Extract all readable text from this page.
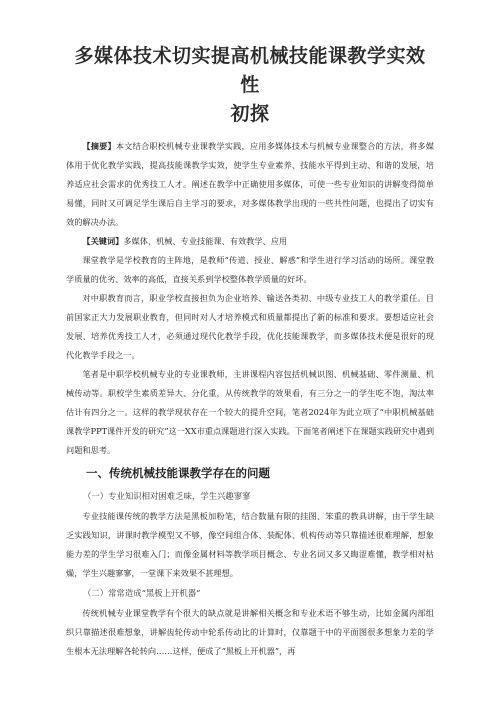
多媒体技术切实提高机械技能课教学实效性
初探

【摘要】本文结合职校机械专业课教学实践，应用多媒体技术与机械专业课整合的方法，将多媒体用于优化教学实践，提高技能课教学实效，使学生专业素养、技能水平得到主动、和谐的发展，培养适应社会需求的优秀技工人才。阐述在教学中正确使用多媒体，可使一些专业知识的讲解变得简单易懂，同时又可调足学生课后自主学习的要求，对多媒体教学出现的一些共性问题，也提出了切实有效的解决办法。

【关键词】多媒体、机械、专业技能课、有效教学、应用

课堂教学是学校教育的主阵地，是教师“传道、授业、解惑”和学生进行学习活动的场所。课堂教学质量的优劣、效率的高低，直接关系到学校整体教学质量的好坏。

对中职教育而言，职业学校直接担负为企业培养、输送各类初、中级专业技工人的教学重任。目前国家正大力发展职业教育，但同时对人才培养模式和质量都提出了新的标准和要求。要想适应社会发展、培养优秀技工人才，必须通过现代化教学手段，优化技能课教学，而多媒体技术便是很好的现代化教学手段之一。

笔者是中职学校机械专业的专业课教师，主讲课程内容包括机械识图、机械基础、零件测量、机械传动等。职校学生素质差异大、分化重，从传统教学的效果看，有三分之一的学生吃不饱，淘汰率估计有四分之一。这样的教学现状存在一个较大的提升空间，笔者2024年为此立项了“中职机械基础课教学PPT课件开发的研究”这一XX市重点课题进行深入实践。下面笔者阐述下在课题实践研究中遇到问题和思考。

一、传统机械技能课教学存在的问题
（一）专业知识相对困难乏味，学生兴趣寥寥

专业技能课传统的教学方法是黑板加粉笔，结合数量有限的挂图、笨重的教具讲解，由于学生缺乏实践知识，讲课时教学模型又不够，像空间组合体、装配体、机构传动等只靠描述很难理解，想象能力差的学生学习很难入门；而像金属材料等教学项目概念、专业名词又多又晦涩难懂，教学相对枯燥，学生兴趣寥寥，一堂课下来效果不甚理想。

（二）常常造成“黑板上开机器”

传统机械专业课堂教学有个很大的缺点就是讲解相关概念和专业术语不够生动，比如金属内部组织只靠描述很难想象，讲解齿轮传动中轮系传动比的计算时，仅靠题干中的平面图很多想象力差的学生根本无法理解各轮转向……这样，便成了“黑板上开机器”，再
